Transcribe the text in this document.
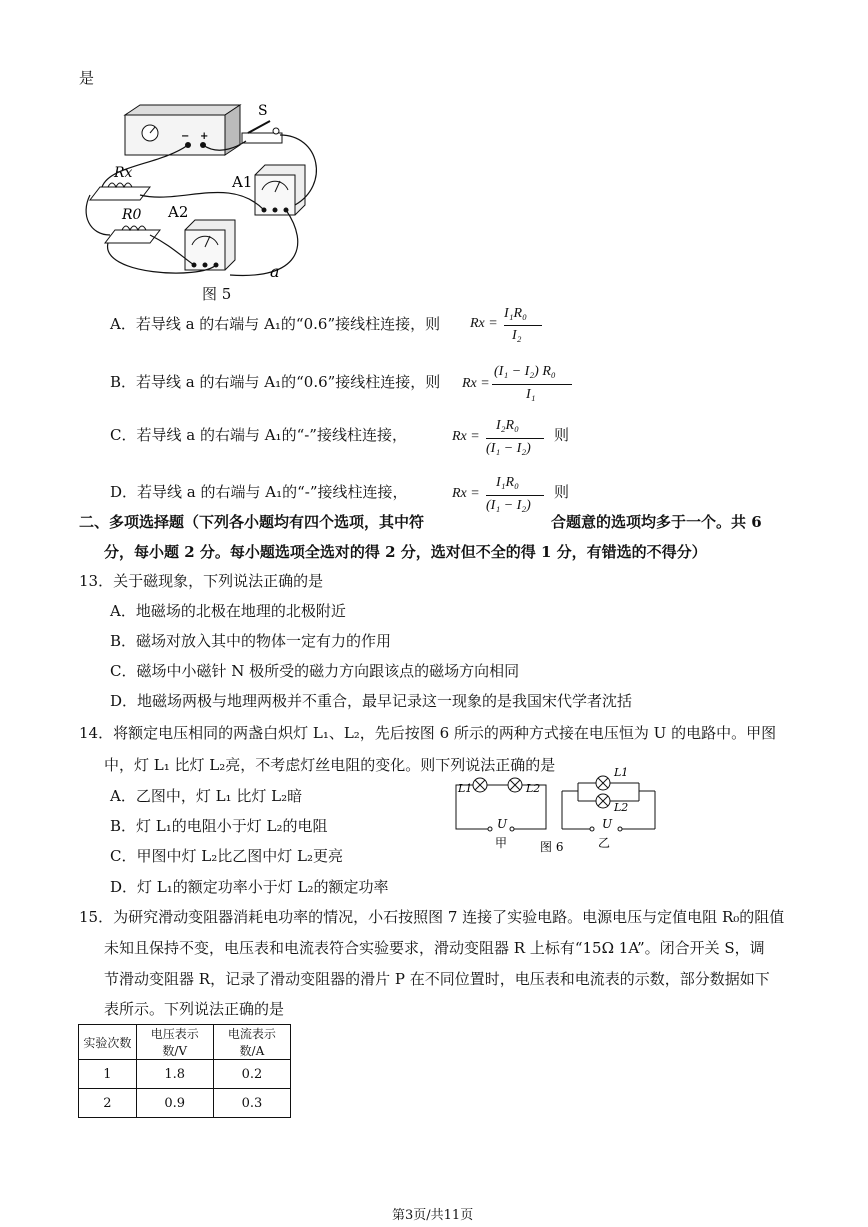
是
− +
S
Rx
R0
A1
A2
a
图 5
A．若导线 a 的右端与 A₁的“0.6”接线柱连接，则 Rx =
I₁R₀
I₂
B．若导线 a 的右端与 A₁的“0.6”接线柱连接，则 Rx =
(I₁ − I₂) R₀
I₁
C．若导线 a 的右端与 A₁的“-”接线柱连接，	Rx =
I₂R₀
(I₁ − I₂)
则
D．若导线 a 的右端与 A₁的“-”接线柱连接，	Rx =
I₁R₀
(I₁ − I₂)
则
二、多项选择题（下列各小题均有四个选项，其中符	合题意的选项均多于一个。共 6
分，每小题 2 分。每小题选项全选对的得 2 分，选对但不全的得 1 分，有错选的不得分）
13．关于磁现象，下列说法正确的是
A．地磁场的北极在地理的北极附近
B．磁场对放入其中的物体一定有力的作用
C．磁场中小磁针 N 极所受的磁力方向跟该点的磁场方向相同
D．地磁场两极与地理两极并不重合，最早记录这一现象的是我国宋代学者沈括
14．将额定电压相同的两盏白炽灯 L₁、L₂，先后按图 6 所示的两种方式接在电压恒为 U 的电路中。甲图
中，灯 L₁ 比灯 L₂亮，不考虑灯丝电阻的变化。则下列说法正确的是
A．乙图中，灯 L₁ 比灯 L₂暗
B．灯 L₁的电阻小于灯 L₂的电阻
C．甲图中灯 L₂比乙图中灯 L₂更亮
D．灯 L₁的额定功率小于灯 L₂的额定功率
L1	L2
L1
L2
U	U
甲	图 6	乙
15．为研究滑动变阻器消耗电功率的情况，小石按照图 7 连接了实验电路。电源电压与定值电阻 R₀的阻值
未知且保持不变，电压表和电流表符合实验要求，滑动变阻器 R 上标有“15Ω 1A”。闭合开关 S，调
节滑动变阻器 R，记录了滑动变阻器的滑片 P 在不同位置时，电压表和电流表的示数，部分数据如下
表所示。下列说法正确的是
实验次数	电压表示数/V	电流表示数/A
1	1.8	0.2
2	0.9	0.3
第3页/共11页
